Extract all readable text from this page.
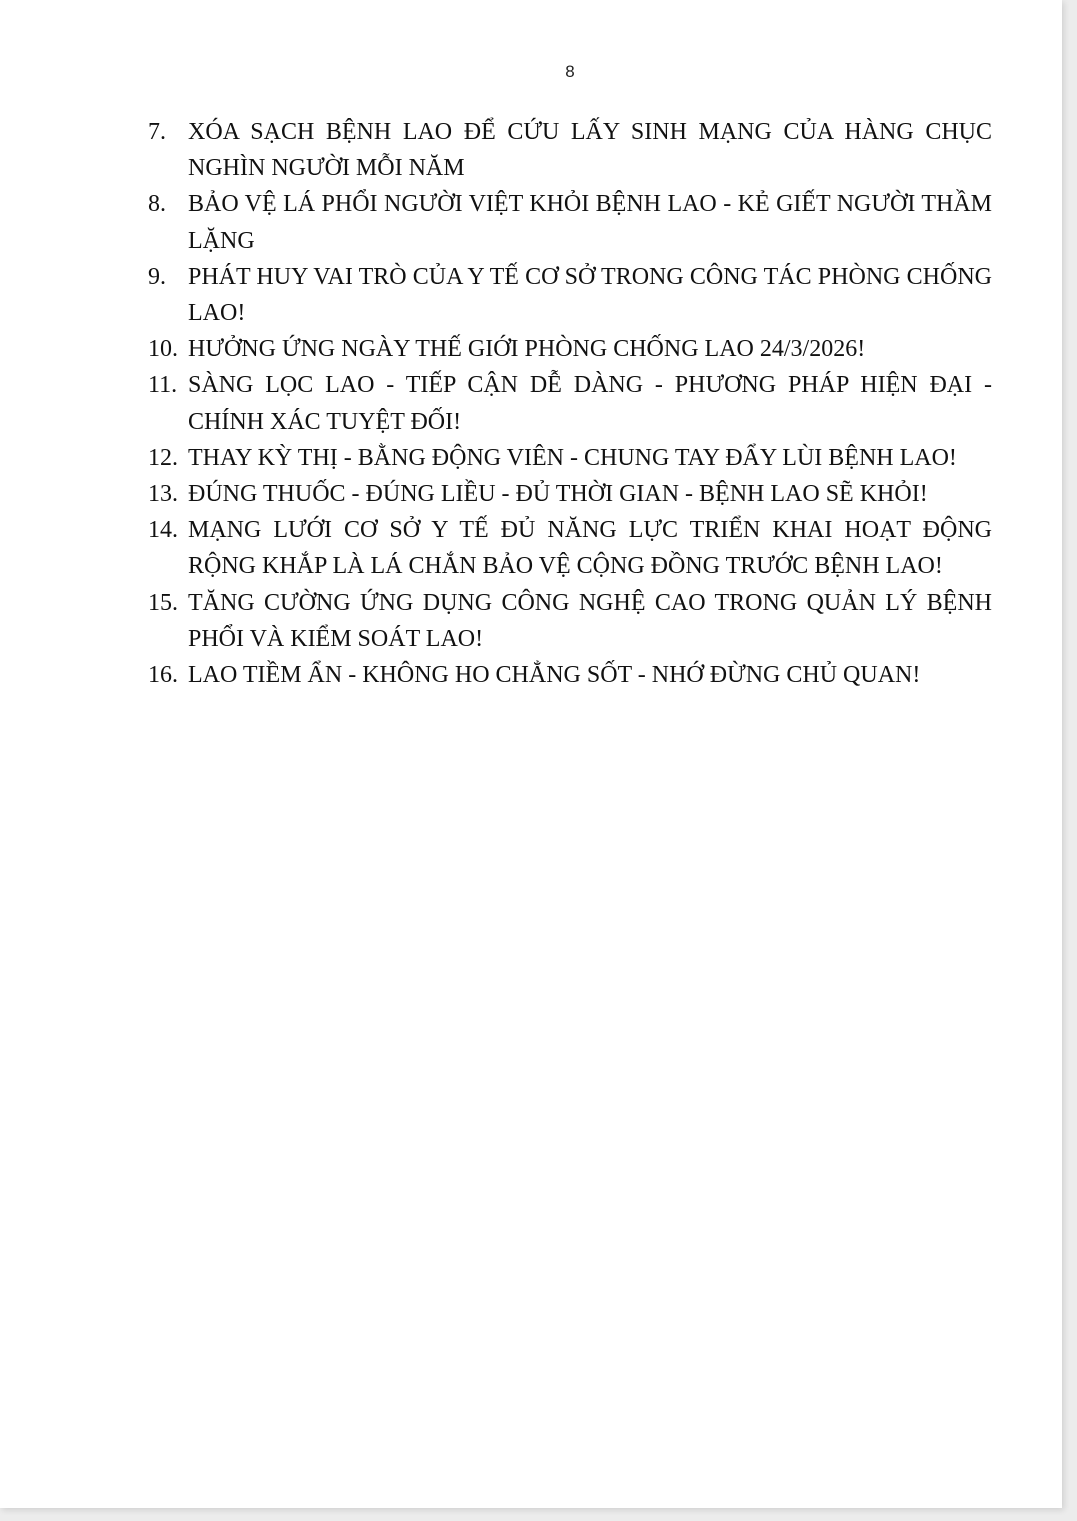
8
7. XÓA SẠCH BỆNH LAO ĐỂ CỨU LẤY SINH MẠNG CỦA HÀNG CHỤC NGHÌN NGƯỜI MỖI NĂM
8. BẢO VỆ LÁ PHỔI NGƯỜI VIỆT KHỎI BỆNH LAO - KẺ GIẾT NGƯỜI THẦM LẶNG
9. PHÁT HUY VAI TRÒ CỦA Y TẾ CƠ SỞ TRONG CÔNG TÁC PHÒNG CHỐNG LAO!
10. HƯỞNG ỨNG NGÀY THẾ GIỚI PHÒNG CHỐNG LAO 24/3/2026!
11. SÀNG LỌC LAO - TIẾP CẬN DỄ DÀNG - PHƯƠNG PHÁP HIỆN ĐẠI - CHÍNH XÁC TUYỆT ĐỐI!
12. THAY KỲ THỊ - BẰNG ĐỘNG VIÊN - CHUNG TAY ĐẨY LÙI BỆNH LAO!
13. ĐÚNG THUỐC - ĐÚNG LIỀU - ĐỦ THỜI GIAN - BỆNH LAO SẼ KHỎI!
14. MẠNG LƯỚI CƠ SỞ Y TẾ ĐỦ NĂNG LỰC TRIỂN KHAI HOẠT ĐỘNG RỘNG KHẮP LÀ LÁ CHẮN BẢO VỆ CỘNG ĐỒNG TRƯỚC BỆNH LAO!
15. TĂNG CƯỜNG ỨNG DỤNG CÔNG NGHỆ CAO TRONG QUẢN LÝ BỆNH PHỔI VÀ KIỂM SOÁT LAO!
16. LAO TIỀM ẨN - KHÔNG HO CHẲNG SỐT - NHỚ ĐỪNG CHỦ QUAN!
